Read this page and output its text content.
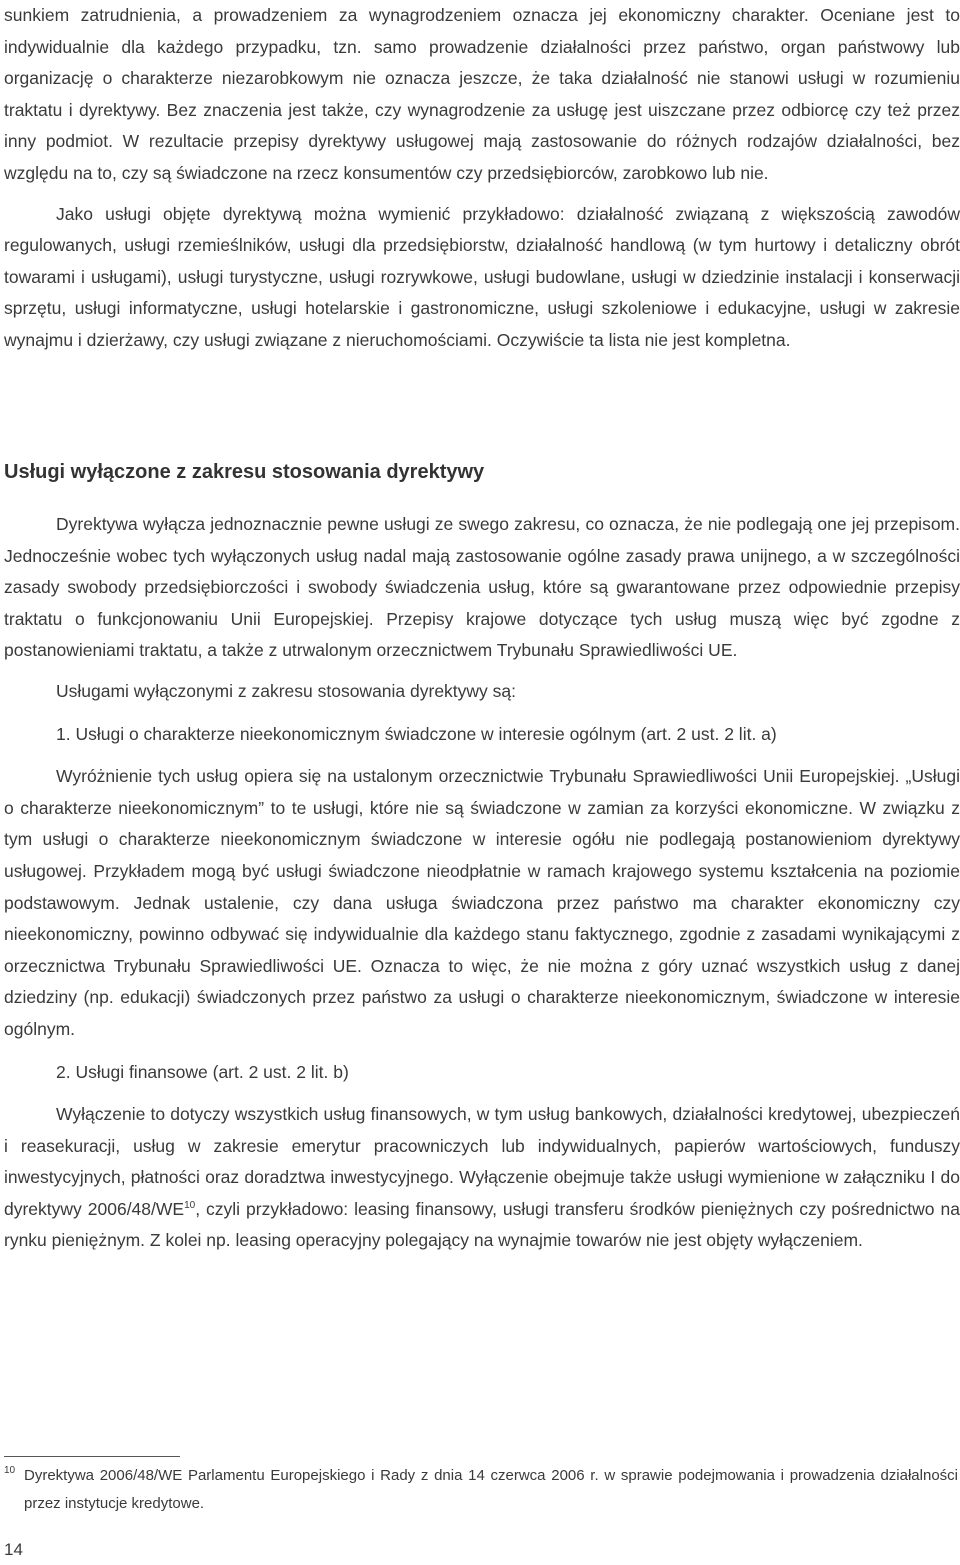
sunkiem zatrudnienia, a prowadzeniem za wynagrodzeniem oznacza jej ekonomiczny charakter. Oceniane jest to indywidualnie dla każdego przypadku, tzn. samo prowadzenie działalności przez państwo, organ państwowy lub organizację o charakterze niezarobkowym nie oznacza jeszcze, że taka działalność nie stanowi usługi w rozumieniu traktatu i dyrektywy. Bez znaczenia jest także, czy wynagrodzenie za usługę jest uiszczane przez odbiorcę czy też przez inny podmiot. W rezultacie przepisy dyrektywy usługowej mają zastosowanie do różnych rodzajów działalności, bez względu na to, czy są świadczone na rzecz konsumentów czy przedsiębiorców, zarobkowo lub nie.

Jako usługi objęte dyrektywą można wymienić przykładowo: działalność związaną z większością zawodów regulowanych, usługi rzemieślników, usługi dla przedsiębiorstw, działalność handlową (w tym hurtowy i detaliczny obrót towarami i usługami), usługi turystyczne, usługi rozrywkowe, usługi budowlane, usługi w dziedzinie instalacji i konserwacji sprzętu, usługi informatyczne, usługi hotelarskie i gastronomiczne, usługi szkoleniowe i edukacyjne, usługi w zakresie wynajmu i dzierżawy, czy usługi związane z nieruchomościami. Oczywiście ta lista nie jest kompletna.

Usługi wyłączone z zakresu stosowania dyrektywy

Dyrektywa wyłącza jednoznacznie pewne usługi ze swego zakresu, co oznacza, że nie podlegają one jej przepisom. Jednocześnie wobec tych wyłączonych usług nadal mają zastosowanie ogólne zasady prawa unijnego, a w szczególności zasady swobody przedsiębiorczości i swobody świadczenia usług, które są gwarantowane przez odpowiednie przepisy traktatu o funkcjonowaniu Unii Europejskiej. Przepisy krajowe dotyczące tych usług muszą więc być zgodne z postanowieniami traktatu, a także z utrwalonym orzecznictwem Trybunału Sprawiedliwości UE.

Usługami wyłączonymi z zakresu stosowania dyrektywy są:

1. Usługi o charakterze nieekonomicznym świadczone w interesie ogólnym (art. 2 ust. 2 lit. a)

Wyróżnienie tych usług opiera się na ustalonym orzecznictwie Trybunału Sprawiedliwości Unii Europejskiej. „Usługi o charakterze nieekonomicznym” to te usługi, które nie są świadczone w zamian za korzyści ekonomiczne. W związku z tym usługi o charakterze nieekonomicznym świadczone w interesie ogółu nie podlegają postanowieniom dyrektywy usługowej. Przykładem mogą być usługi świadczone nieodpłatnie w ramach krajowego systemu kształcenia na poziomie podstawowym. Jednak ustalenie, czy dana usługa świadczona przez państwo ma charakter ekonomiczny czy nieekonomiczny, powinno odbywać się indywidualnie dla każdego stanu faktycznego, zgodnie z zasadami wynikającymi z orzecznictwa Trybunału Sprawiedliwości UE. Oznacza to więc, że nie można z góry uznać wszystkich usług z danej dziedziny (np. edukacji) świadczonych przez państwo za usługi o charakterze nieekonomicznym, świadczone w interesie ogólnym.

2. Usługi finansowe (art. 2 ust. 2 lit. b)

Wyłączenie to dotyczy wszystkich usług finansowych, w tym usług bankowych, działalności kredytowej, ubezpieczeń i reasekuracji, usług w zakresie emerytur pracowniczych lub indywidualnych, papierów wartościowych, funduszy inwestycyjnych, płatności oraz doradztwa inwestycyjnego. Wyłączenie obejmuje także usługi wymienione w załączniku I do dyrektywy 2006/48/WE$^{10}$, czyli przykładowo: leasing finansowy, usługi transferu środków pieniężnych czy pośrednictwo na rynku pieniężnym. Z kolei np. leasing operacyjny polegający na wynajmie towarów nie jest objęty wyłączeniem.

10 Dyrektywa 2006/48/WE Parlamentu Europejskiego i Rady z dnia 14 czerwca 2006 r. w sprawie podejmowania i prowadzenia działalności przez instytucje kredytowe.
14
